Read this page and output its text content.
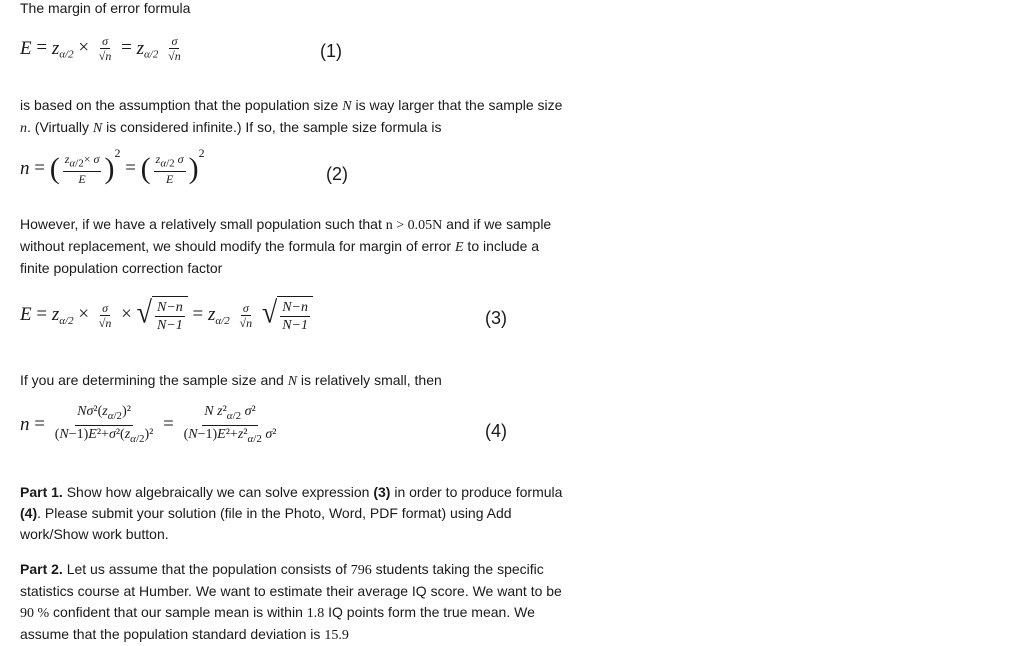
The margin of error formula
$E = z_{\alpha/2} \times \frac{\sigma}{√n} = z_{\alpha/2} \frac{\sigma}{√n}$	(1)
is based on the assumption that the population size N is way larger that the sample size n. (Virtually N is considered infinite.) If so, the sample size formula is
n = ( $\frac{z_{\alpha/2}\times \sigma}{E} )2$ = ( $\frac{z_{\alpha/2} \sigma}{E} )2$
(2)
However, if we have a relatively small population such that n > 0.05N and if we sample without replacement, we should modify the formula for margin of error E to include a finite population correction factor
$E = z_{\alpha/2} \times \frac{\sigma}{√n}$ × √ $\frac{N-n}{N-1} = z_{\alpha/2} \frac{\sigma}{√n}$
√ $\frac{N-n}{N-1}$	(3)
If you are determining the sample size and N is relatively small, then
$n = \frac{N\sigma^2(z_{\alpha/2})^2}{(N-1)E^2+\sigma^2(z_{\alpha/2})^2} = \frac{N z^2_{\alpha/2} \sigma^2}{(N-1)E^2+z^2_{\alpha/2} \sigma^2}$	(4)
Part 1. Show how algebraically we can solve expression (3) in order to produce formula (4). Please submit your solution (file in the Photo, Word, PDF format) using Add work/Show work button.
Part 2. Let us assume that the population consists of 796 students taking the specific statistics course at Humber. We want to estimate their average IQ score. We want to be 90 % confident that our sample mean is within 1.8 IQ points form the true mean. We assume that the population standard deviation is 15.9
